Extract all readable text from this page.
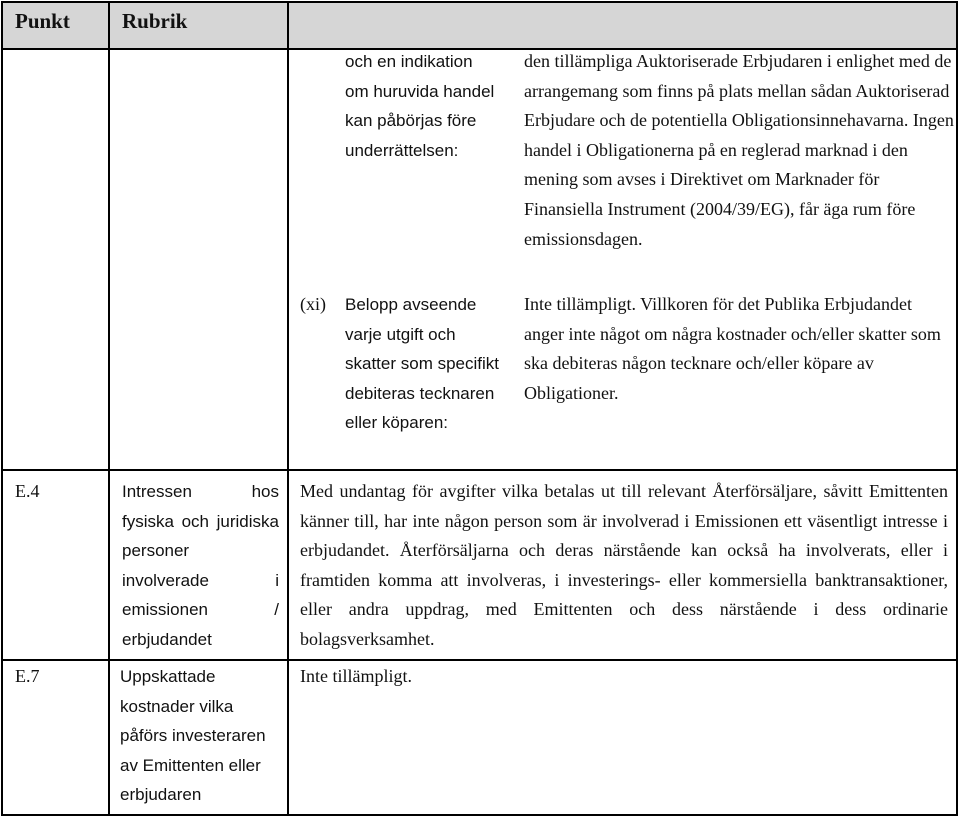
Punkt Rubrik
och en indikation om huruvida handel kan påbörjas före underrättelsen:
den tillämpliga Auktoriserade Erbjudaren i enlighet med de arrangemang som finns på plats mellan sådan Auktoriserad Erbjudare och de potentiella Obligationsinnehavarna. Ingen handel i Obligationerna på en reglerad marknad i den mening som avses i Direktivet om Marknader för Finansiella Instrument (2004/39/EG), får äga rum före emissionsdagen.
(xi) Belopp avseende varje utgift och skatter som specifikt debiteras tecknaren eller köparen:
Inte tillämpligt. Villkoren för det Publika Erbjudandet anger inte något om några kostnader och/eller skatter som ska debiteras någon tecknare och/eller köpare av Obligationer.
E.4	Intressen hos fysiska och juridiska personer involverade i emissionen / erbjudandet
Med undantag för avgifter vilka betalas ut till relevant Återförsäljare, såvitt Emittenten känner till, har inte någon person som är involverad i Emissionen ett väsentligt intresse i erbjudandet. Återförsäljarna och deras närstående kan också ha involverats, eller i framtiden komma att involveras, i investerings- eller kommersiella banktransaktioner, eller andra uppdrag, med Emittenten och dess närstående i dess ordinarie bolagsverksamhet.
E.7	Uppskattade kostnader vilka påförs investeraren av Emittenten eller erbjudaren
Inte tillämpligt.
